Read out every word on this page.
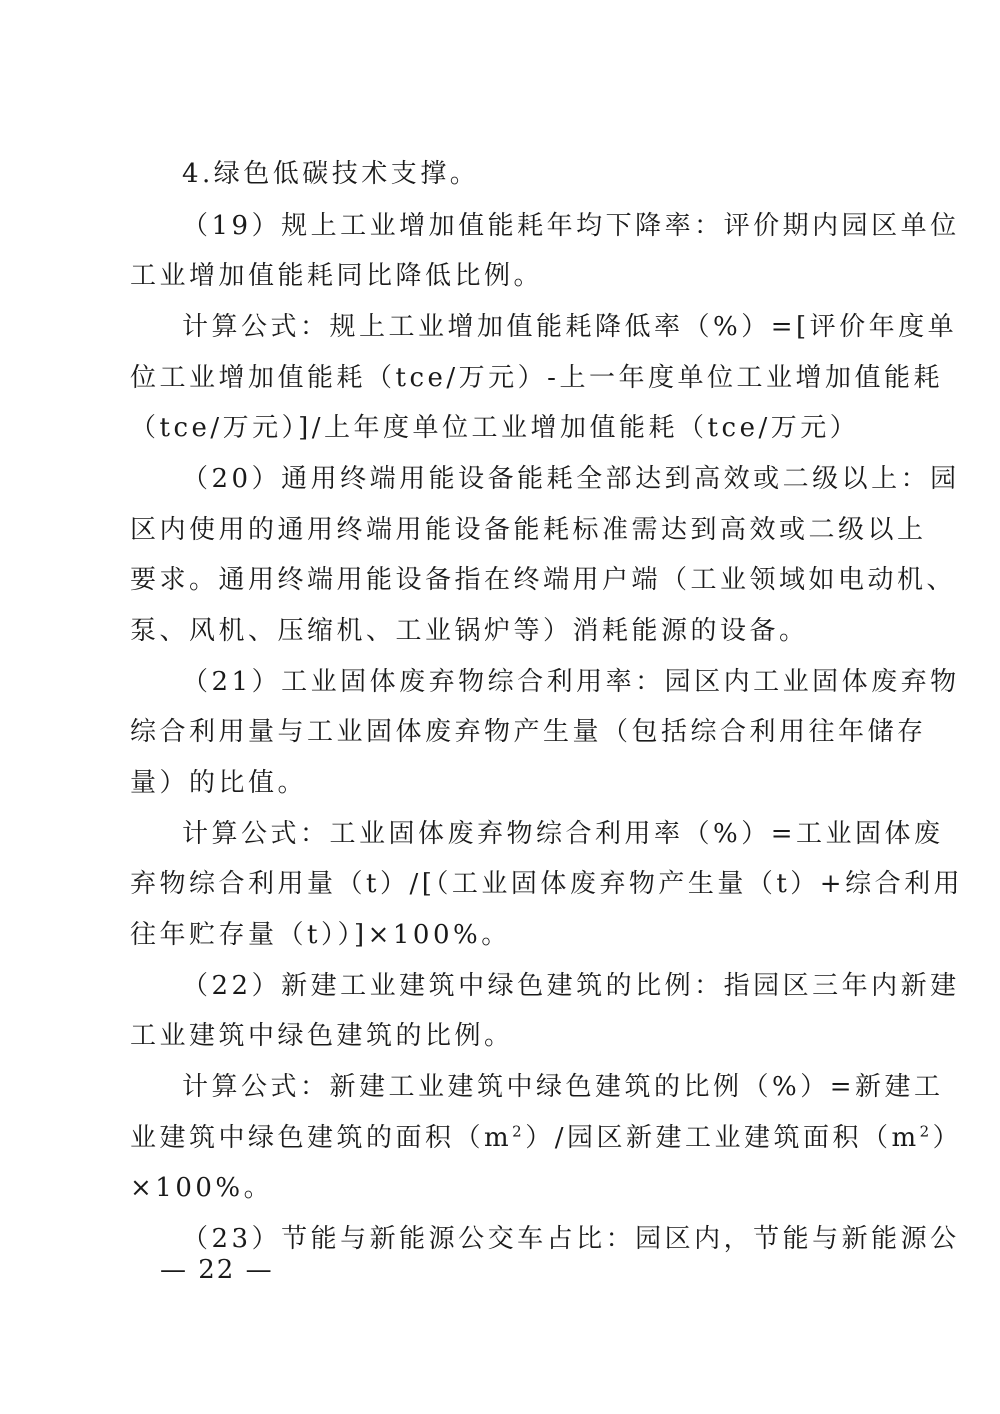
4.绿色低碳技术支撑。
（19）规上工业增加值能耗年均下降率：评价期内园区单位
工业增加值能耗同比降低比例。
计算公式：规上工业增加值能耗降低率（%）=[评价年度单
位工业增加值能耗（tce/万元）-上一年度单位工业增加值能耗
（tce/万元）]/上年度单位工业增加值能耗（tce/万元）
（20）通用终端用能设备能耗全部达到高效或二级以上：园
区内使用的通用终端用能设备能耗标准需达到高效或二级以上
要求。通用终端用能设备指在终端用户端（工业领域如电动机、
泵、风机、压缩机、工业锅炉等）消耗能源的设备。
（21）工业固体废弃物综合利用率：园区内工业固体废弃物
综合利用量与工业固体废弃物产生量（包括综合利用往年储存
量）的比值。
计算公式：工业固体废弃物综合利用率（%）=工业固体废
弃物综合利用量（t）/[（工业固体废弃物产生量（t）+综合利用
往年贮存量（t））]×100%。
（22）新建工业建筑中绿色建筑的比例：指园区三年内新建
工业建筑中绿色建筑的比例。
计算公式：新建工业建筑中绿色建筑的比例（%）=新建工
业建筑中绿色建筑的面积$(m^2)/$园区新建工业建筑面积$(m^2)$
×100%。
（23）节能与新能源公交车占比：园区内，节能与新能源公
— 22 —
